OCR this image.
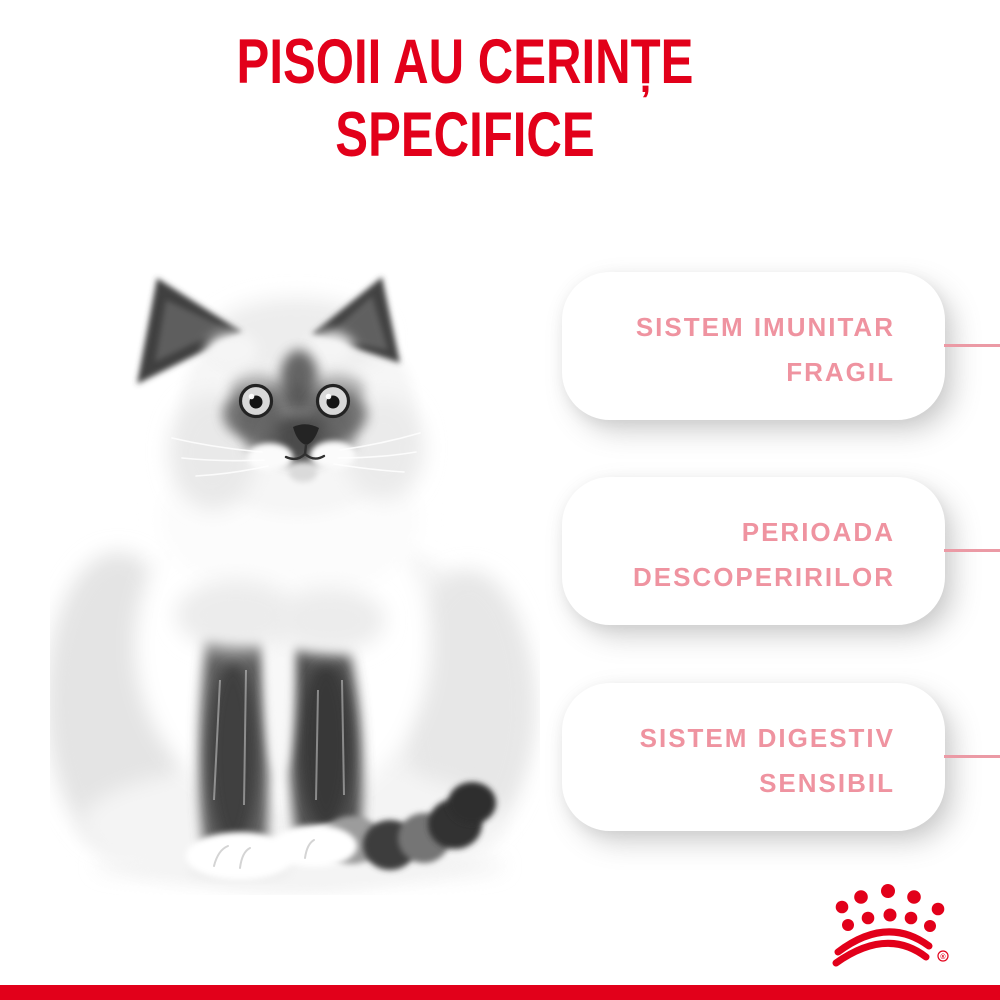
PISOII AU CERINȚE
SPECIFICE
SISTEM IMUNITAR
FRAGIL
PERIOADA
DESCOPERIRILOR
SISTEM DIGESTIV
SENSIBIL
®
